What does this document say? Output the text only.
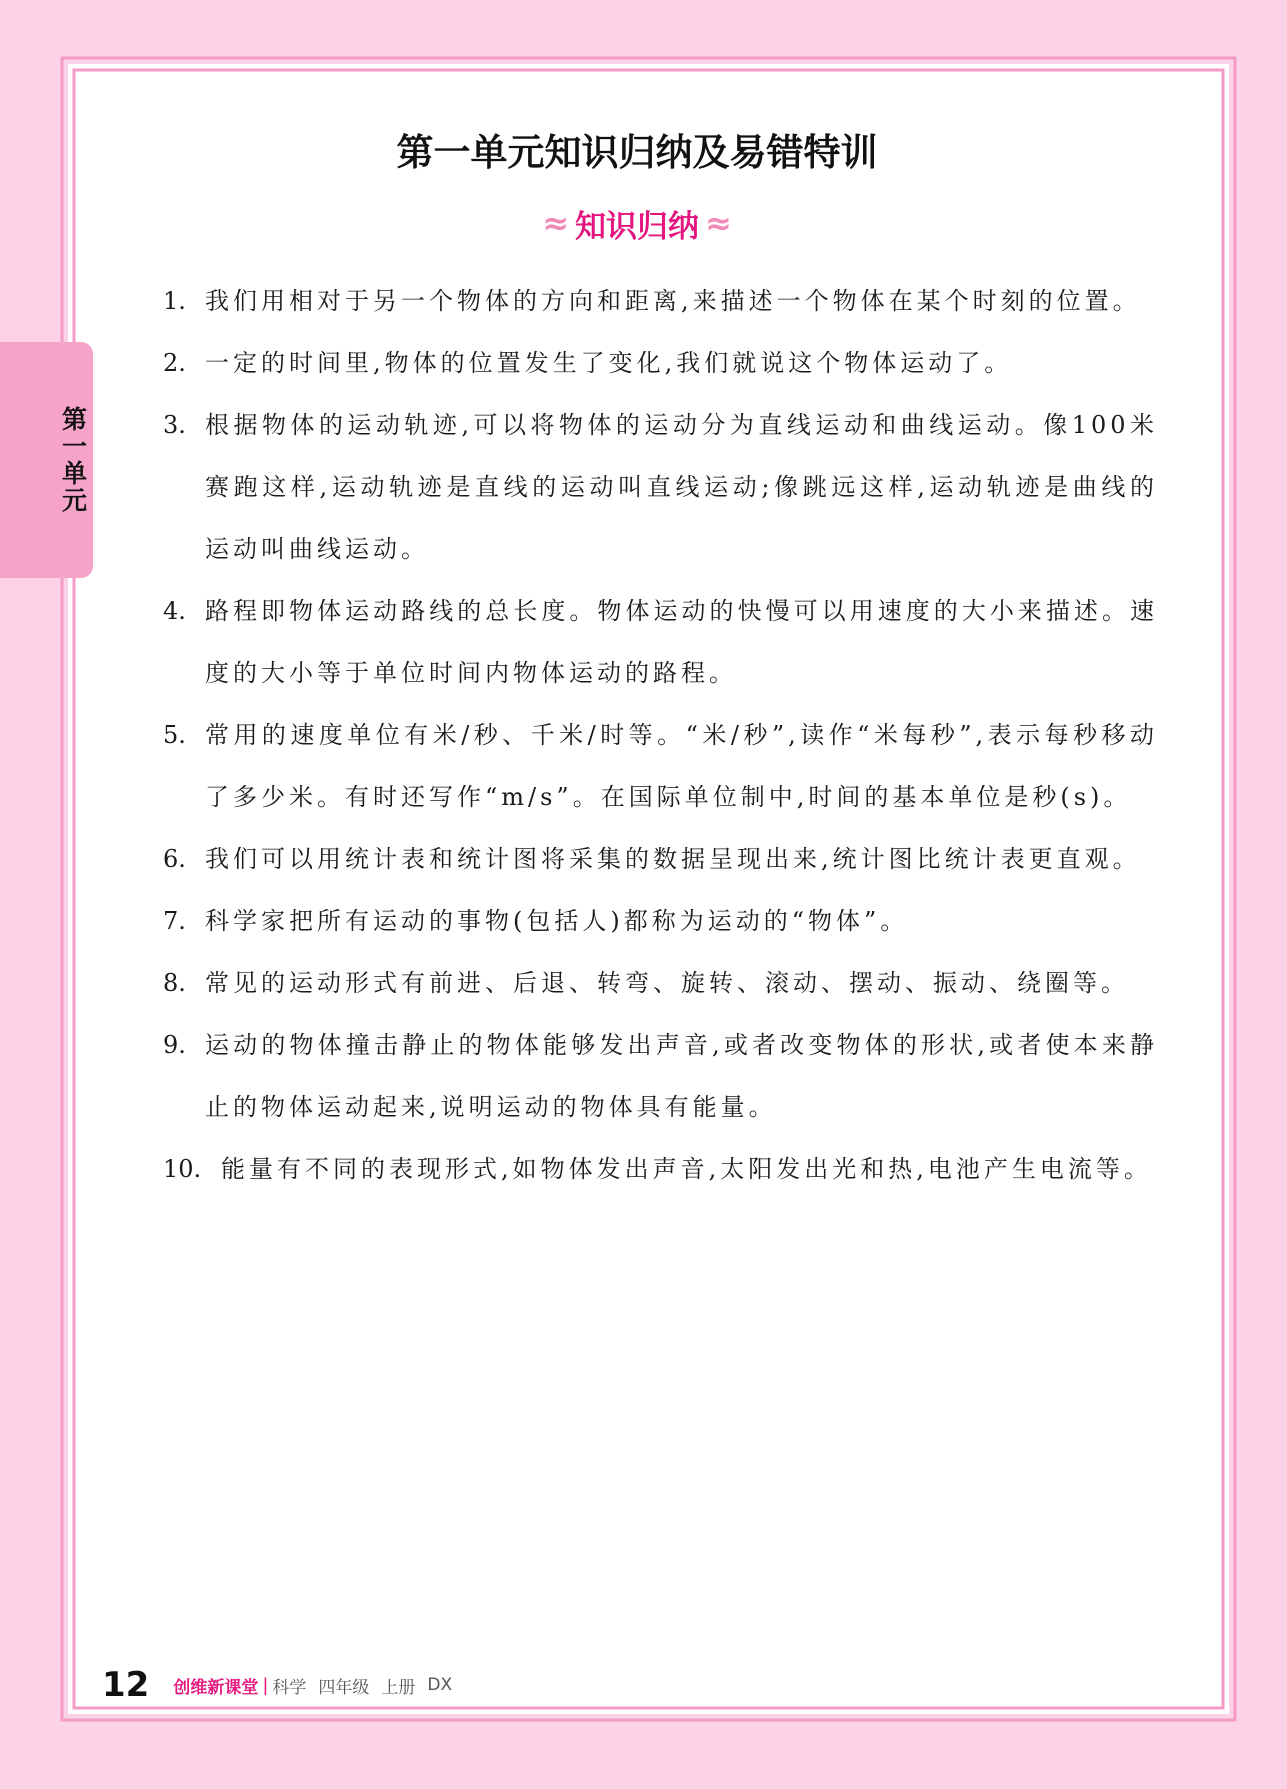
第一单元
第一单元知识归纳及易错特训
≈ 知识归纳 ≈
1. 我们用相对于另一个物体的方向和距离,来描述一个物体在某个时刻的位置。
2. 一定的时间里,物体的位置发生了变化,我们就说这个物体运动了。
3. 根据物体的运动轨迹,可以将物体的运动分为直线运动和曲线运动。像100米赛跑这样,运动轨迹是直线的运动叫直线运动;像跳远这样,运动轨迹是曲线的运动叫曲线运动。
4. 路程即物体运动路线的总长度。物体运动的快慢可以用速度的大小来描述。速度的大小等于单位时间内物体运动的路程。
5. 常用的速度单位有米/秒、千米/时等。“米/秒”,读作“米每秒”,表示每秒移动了多少米。有时还写作“m/s”。在国际单位制中,时间的基本单位是秒(s)。
6. 我们可以用统计表和统计图将采集的数据呈现出来,统计图比统计表更直观。
7. 科学家把所有运动的事物(包括人)都称为运动的“物体”。
8. 常见的运动形式有前进、后退、转弯、旋转、滚动、摆动、振动、绕圈等。
9. 运动的物体撞击静止的物体能够发出声音,或者改变物体的形状,或者使本来静止的物体运动起来,说明运动的物体具有能量。
10. 能量有不同的表现形式,如物体发出声音,太阳发出光和热,电池产生电流等。
12 创维新课堂 | 科学 四年级 上册 DX
